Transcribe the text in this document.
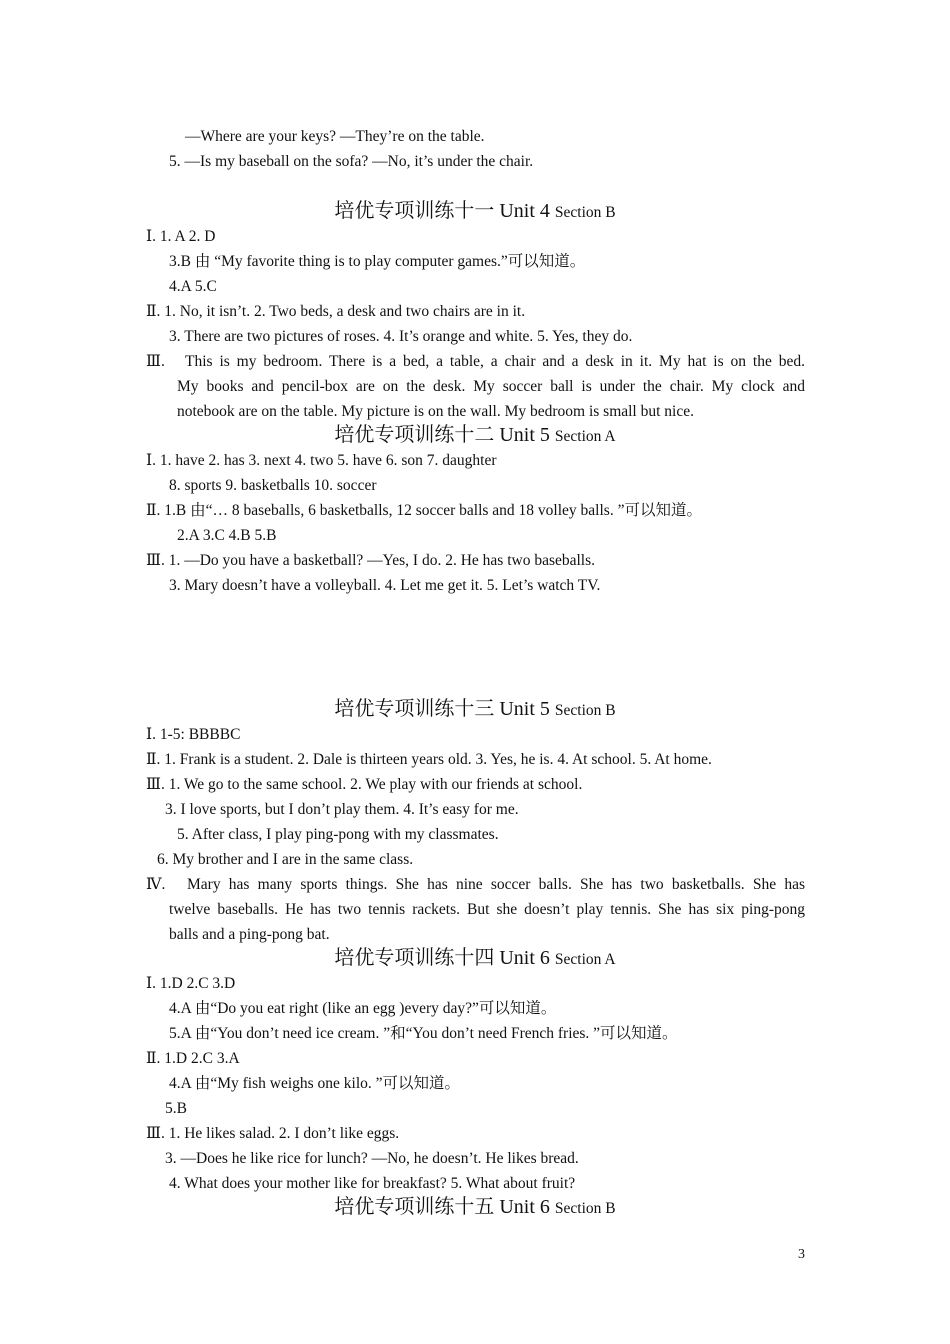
—Where are your keys? —They’re on the table.
5. —Is my baseball on the sofa? —No, it’s under the chair.
培优专项训练十一 Unit 4 Section B
Ⅰ. 1. A 2. D
3.B 由 “My favorite thing is to play computer games.”可以知道。
4.A 5.C
Ⅱ. 1. No, it isn’t. 2. Two beds, a desk and two chairs are in it.
3. There are two pictures of roses. 4. It’s orange and white. 5. Yes, they do.
Ⅲ. This is my bedroom. There is a bed, a table, a chair and a desk in it. My hat is on the bed.
My books and pencil-box are on the desk. My soccer ball is under the chair. My clock and
notebook are on the table. My picture is on the wall. My bedroom is small but nice.
培优专项训练十二 Unit 5 Section A
Ⅰ. 1. have 2. has 3. next 4. two 5. have 6. son 7. daughter
8. sports 9. basketballs 10. soccer
Ⅱ. 1.B 由“… 8 baseballs, 6 basketballs, 12 soccer balls and 18 volley balls. ”可以知道。
2.A 3.C 4.B 5.B
Ⅲ. 1. —Do you have a basketball? —Yes, I do. 2. He has two baseballs.
3. Mary doesn’t have a volleyball. 4. Let me get it. 5. Let’s watch TV.
培优专项训练十三 Unit 5 Section B
Ⅰ. 1-5: BBBBC
Ⅱ. 1. Frank is a student. 2. Dale is thirteen years old. 3. Yes, he is. 4. At school. 5. At home.
Ⅲ. 1. We go to the same school. 2. We play with our friends at school.
3. I love sports, but I don’t play them. 4. It’s easy for me.
5. After class, I play ping-pong with my classmates.
6. My brother and I are in the same class.
Ⅳ. Mary has many sports things. She has nine soccer balls. She has two basketballs. She has
twelve baseballs. He has two tennis rackets. But she doesn’t play tennis. She has six ping-pong
balls and a ping-pong bat.
培优专项训练十四 Unit 6 Section A
Ⅰ. 1.D 2.C 3.D
4.A 由“Do you eat right (like an egg )every day?”可以知道。
5.A 由“You don’t need ice cream. ”和“You don’t need French fries. ”可以知道。
Ⅱ. 1.D 2.C 3.A
4.A 由“My fish weighs one kilo. ”可以知道。
5.B
Ⅲ. 1. He likes salad. 2. I don’t like eggs.
3. —Does he like rice for lunch? —No, he doesn’t. He likes bread.
4. What does your mother like for breakfast? 5. What about fruit?
培优专项训练十五 Unit 6 Section B
3
